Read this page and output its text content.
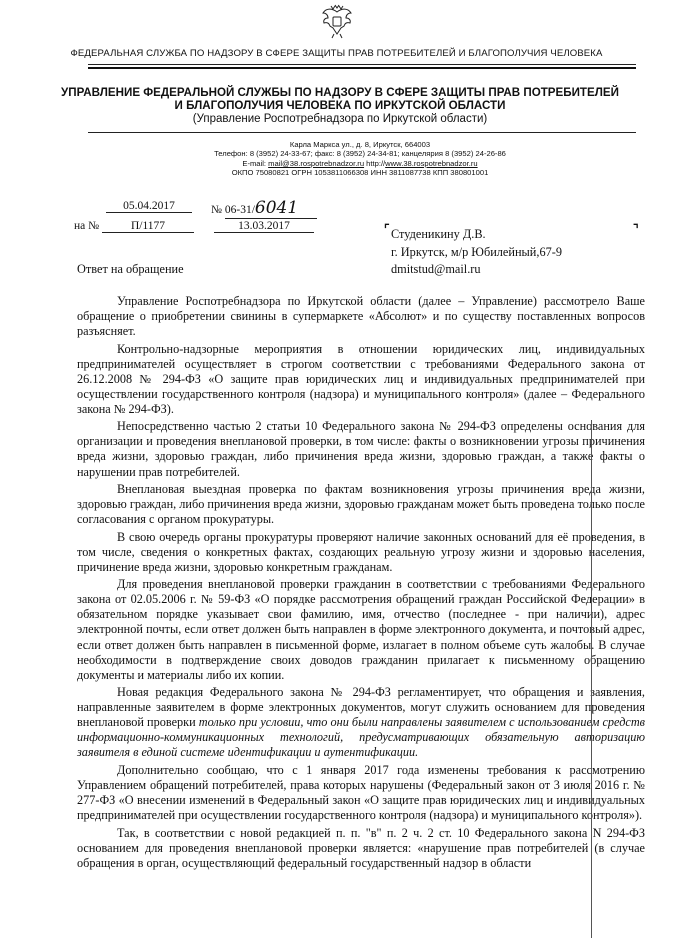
ФЕДЕРАЛЬНАЯ СЛУЖБА ПО НАДЗОРУ В СФЕРЕ ЗАЩИТЫ ПРАВ ПОТРЕБИТЕЛЕЙ И БЛАГОПОЛУЧИЯ ЧЕЛОВЕКА
УПРАВЛЕНИЕ ФЕДЕРАЛЬНОЙ СЛУЖБЫ ПО НАДЗОРУ В СФЕРЕ ЗАЩИТЫ ПРАВ ПОТРЕБИТЕЛЕЙ
И БЛАГОПОЛУЧИЯ ЧЕЛОВЕКА ПО ИРКУТСКОЙ ОБЛАСТИ
(Управление Роспотребнадзора по Иркутской области)
Карла Маркса ул., д. 8, Иркутск, 664003
Телефон: 8 (3952) 24-33-67; факс: 8 (3952) 24-34-81; канцелярия 8 (3952) 24-26-86
E-mail: mail@38.rospotrebnadzor.ru http://www.38.rospotrebnadzor.ru
ОКПО 75080821 ОГРН 1053811066308 ИНН 3811087738 КПП 380801001
05.04.2017	№ 06-31/6041
на №	П/1177	13.03.2017	⌜	⌝
Студеникину Д.В.
г. Иркутск, м/р Юбилейный,67-9
dmitstud@mail.ru
Ответ на обращение

Управление Роспотребнадзора по Иркутской области (далее – Управление) рассмотрело Ваше обращение о приобретении свинины в супермаркете «Абсолют» и по существу поставленных вопросов разъясняет.

Контрольно-надзорные мероприятия в отношении юридических лиц, индивидуальных предпринимателей осуществляет в строгом соответствии с требованиями Федерального закона от 26.12.2008 № 294-ФЗ «О защите прав юридических лиц и индивидуальных предпринимателей при осуществлении государственного контроля (надзора) и муниципального контроля» (далее – Федерального закона № 294-ФЗ).

Непосредственно частью 2 статьи 10 Федерального закона № 294-ФЗ определены основания для организации и проведения внеплановой проверки, в том числе: факты о возникновении угрозы причинения вреда жизни, здоровью граждан, либо причинения вреда жизни, здоровью граждан, а также факты о нарушении прав потребителей.

Внеплановая выездная проверка по фактам возникновения угрозы причинения вреда жизни, здоровью граждан, либо причинения вреда жизни, здоровью гражданам может быть проведена только после согласования с органом прокуратуры.

В свою очередь органы прокуратуры проверяют наличие законных оснований для её проведения, в том числе, сведения о конкретных фактах, создающих реальную угрозу жизни и здоровью населения, причинение вреда жизни, здоровью конкретным гражданам.

Для проведения внеплановой проверки гражданин в соответствии с требованиями Федерального закона от 02.05.2006 г. № 59-ФЗ «О порядке рассмотрения обращений граждан Российской Федерации» в обязательном порядке указывает свои фамилию, имя, отчество (последнее - при наличии), адрес электронной почты, если ответ должен быть направлен в форме электронного документа, и почтовый адрес, если ответ должен быть направлен в письменной форме, излагает в полном объеме суть жалобы. В случае необходимости в подтверждение своих доводов гражданин прилагает к письменному обращению документы и материалы либо их копии.

Новая редакция Федерального закона № 294-ФЗ регламентирует, что обращения и заявления, направленные заявителем в форме электронных документов, могут служить основанием для проведения внеплановой проверки только при условии, что они были направлены заявителем с использованием средств информационно-коммуникационных технологий, предусматривающих обязательную авторизацию заявителя в единой системе идентификации и аутентификации.

Дополнительно сообщаю, что с 1 января 2017 года изменены требования к рассмотрению Управлением обращений потребителей, права которых нарушены (Федеральный закон от 3 июля 2016 г. № 277-ФЗ «О внесении изменений в Федеральный закон «О защите прав юридических лиц и индивидуальных предпринимателей при осуществлении государственного контроля (надзора) и муниципального контроля»).

Так, в соответствии с новой редакцией п. п. "в" п. 2 ч. 2 ст. 10 Федерального закона N 294-ФЗ основанием для проведения внеплановой проверки является: «нарушение прав потребителей (в случае обращения в орган, осуществляющий федеральный государственный надзор в области
